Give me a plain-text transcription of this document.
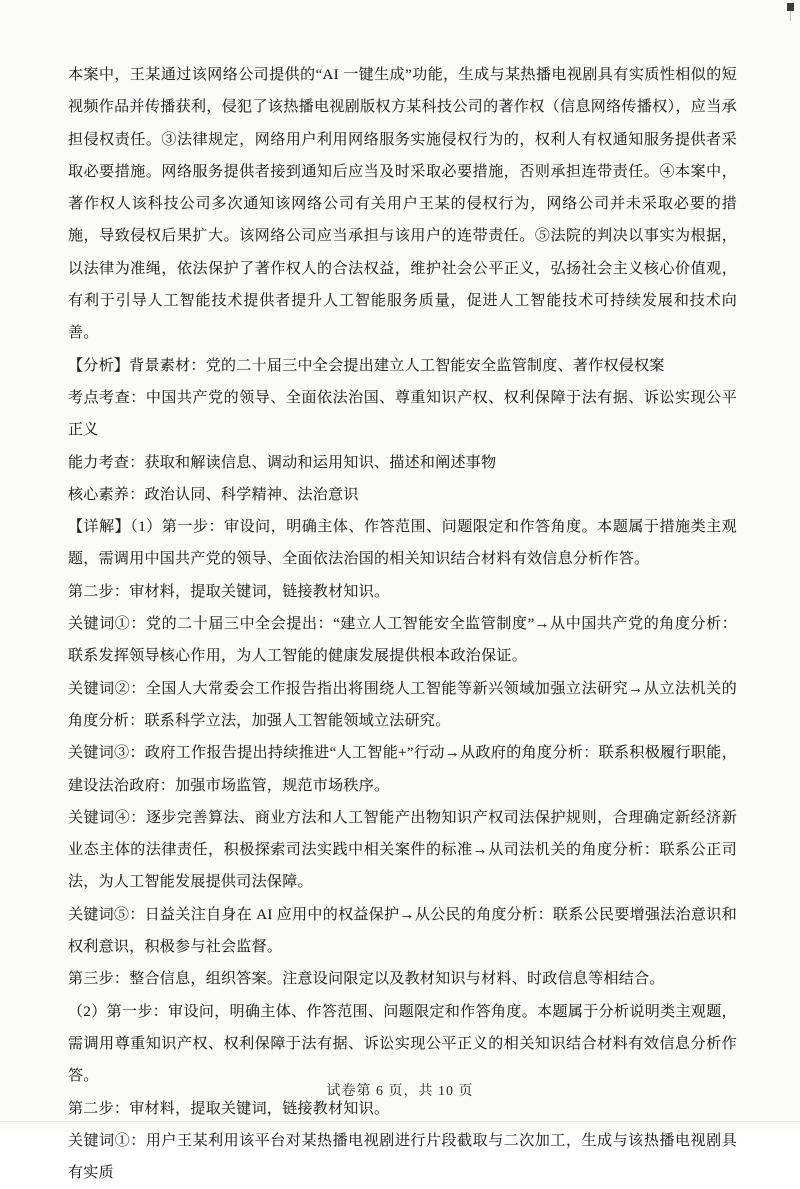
本案中，王某通过该网络公司提供的“AI 一键生成”功能，生成与某热播电视剧具有实质性相似的短视频作品并传播获利，侵犯了该热播电视剧版权方某科技公司的著作权（信息网络传播权），应当承担侵权责任。③法律规定，网络用户利用网络服务实施侵权行为的，权利人有权通知服务提供者采取必要措施。网络服务提供者接到通知后应当及时采取必要措施，否则承担连带责任。④本案中，著作权人该科技公司多次通知该网络公司有关用户王某的侵权行为，网络公司并未采取必要的措施，导致侵权后果扩大。该网络公司应当承担与该用户的连带责任。⑤法院的判决以事实为根据，以法律为准绳，依法保护了著作权人的合法权益，维护社会公平正义，弘扬社会主义核心价值观，有利于引导人工智能技术提供者提升人工智能服务质量，促进人工智能技术可持续发展和技术向善。

【分析】背景素材：党的二十届三中全会提出建立人工智能安全监管制度、著作权侵权案

考点考查：中国共产党的领导、全面依法治国、尊重知识产权、权利保障于法有据、诉讼实现公平正义

能力考查：获取和解读信息、调动和运用知识、描述和阐述事物

核心素养：政治认同、科学精神、法治意识

【详解】（1）第一步：审设问，明确主体、作答范围、问题限定和作答角度。本题属于措施类主观题，需调用中国共产党的领导、全面依法治国的相关知识结合材料有效信息分析作答。

第二步：审材料，提取关键词，链接教材知识。

关键词①：党的二十届三中全会提出：“建立人工智能安全监管制度”→从中国共产党的角度分析：联系发挥领导核心作用，为人工智能的健康发展提供根本政治保证。

关键词②：全国人大常委会工作报告指出将围绕人工智能等新兴领域加强立法研究→从立法机关的角度分析：联系科学立法，加强人工智能领域立法研究。

关键词③：政府工作报告提出持续推进“人工智能+”行动→从政府的角度分析：联系积极履行职能，建设法治政府：加强市场监管，规范市场秩序。

关键词④：逐步完善算法、商业方法和人工智能产出物知识产权司法保护规则，合理确定新经济新业态主体的法律责任，积极探索司法实践中相关案件的标准→从司法机关的角度分析：联系公正司法，为人工智能发展提供司法保障。

关键词⑤：日益关注自身在 AI 应用中的权益保护→从公民的角度分析：联系公民要增强法治意识和权利意识，积极参与社会监督。

第三步：整合信息，组织答案。注意设问限定以及教材知识与材料、时政信息等相结合。

（2）第一步：审设问，明确主体、作答范围、问题限定和作答角度。本题属于分析说明类主观题，需调用尊重知识产权、权利保障于法有据、诉讼实现公平正义的相关知识结合材料有效信息分析作答。

第二步：审材料，提取关键词，链接教材知识。

关键词①：用户王某利用该平台对某热播电视剧进行片段截取与二次加工，生成与该热播电视剧具有实质

试卷第 6 页，共 10 页
